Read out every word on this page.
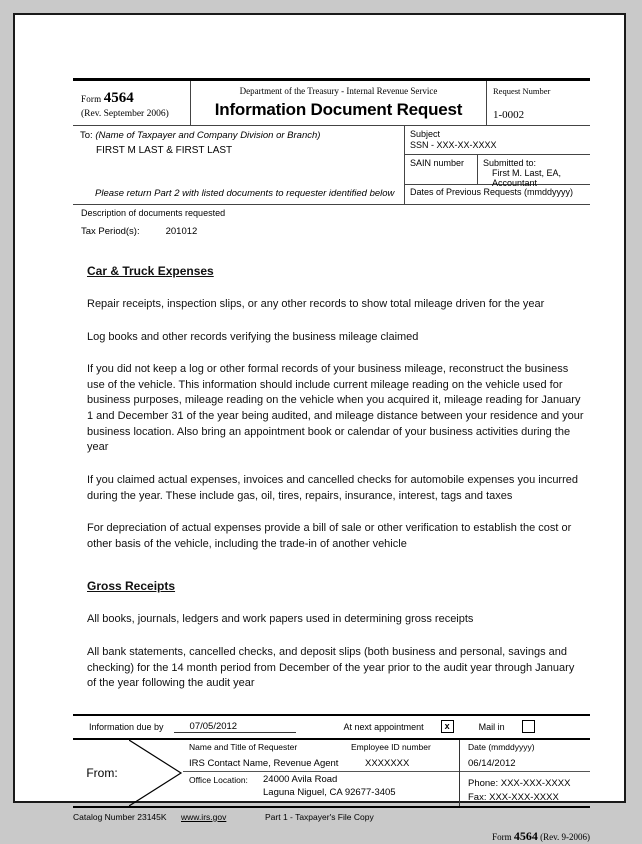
Form 4564
(Rev. September 2006)
Department of the Treasury - Internal Revenue Service
Information Document Request
Request Number
1-0002
To: (Name of Taxpayer and Company Division or Branch)
FIRST M LAST & FIRST LAST
Please return Part 2 with listed documents to requester identified below
Subject
SSN - XXX-XX-XXXX
SAIN number	Submitted to:
First M. Last, EA,
Accountant
Dates of Previous Requests (mmddyyyy)
Description of documents requested
Tax Period(s):	201012
Car & Truck Expenses
Repair receipts, inspection slips, or any other records to show total mileage driven for the year
Log books and other records verifying the business mileage claimed
If you did not keep a log or other formal records of your business mileage, reconstruct the business use of the vehicle. This information should include current mileage reading on the vehicle used for business purposes, mileage reading on the vehicle when you acquired it, mileage reading for January 1 and December 31 of the year being audited, and mileage distance between your residence and your business location. Also bring an appointment book or calendar of your business activities during the year
If you claimed actual expenses, invoices and cancelled checks for automobile expenses you incurred during the year. These include gas, oil, tires, repairs, insurance, interest, tags and taxes
For depreciation of actual expenses provide a bill of sale or other verification to establish the cost or other basis of the vehicle, including the trade-in of another vehicle
Gross Receipts
All books, journals, ledgers and work papers used in determining gross receipts
All bank statements, cancelled checks, and deposit slips (both business and personal, savings and checking) for the 14 month period from December of the year prior to the audit year through January of the year following the audit year
Information due by	07/05/2012	At next appointment	x	Mail in
From:
Name and Title of Requester
IRS Contact Name, Revenue Agent
Employee ID number
XXXXXXX
Office Location:	24000 Avila Road
Laguna Niguel, CA 92677-3405
Date (mmddyyyy)
06/14/2012
Phone: XXX-XXX-XXXX
Fax: XXX-XXX-XXXX
Catalog Number 23145K	www.irs.gov	Part 1 - Taxpayer's File Copy
Form 4564 (Rev. 9-2006)
